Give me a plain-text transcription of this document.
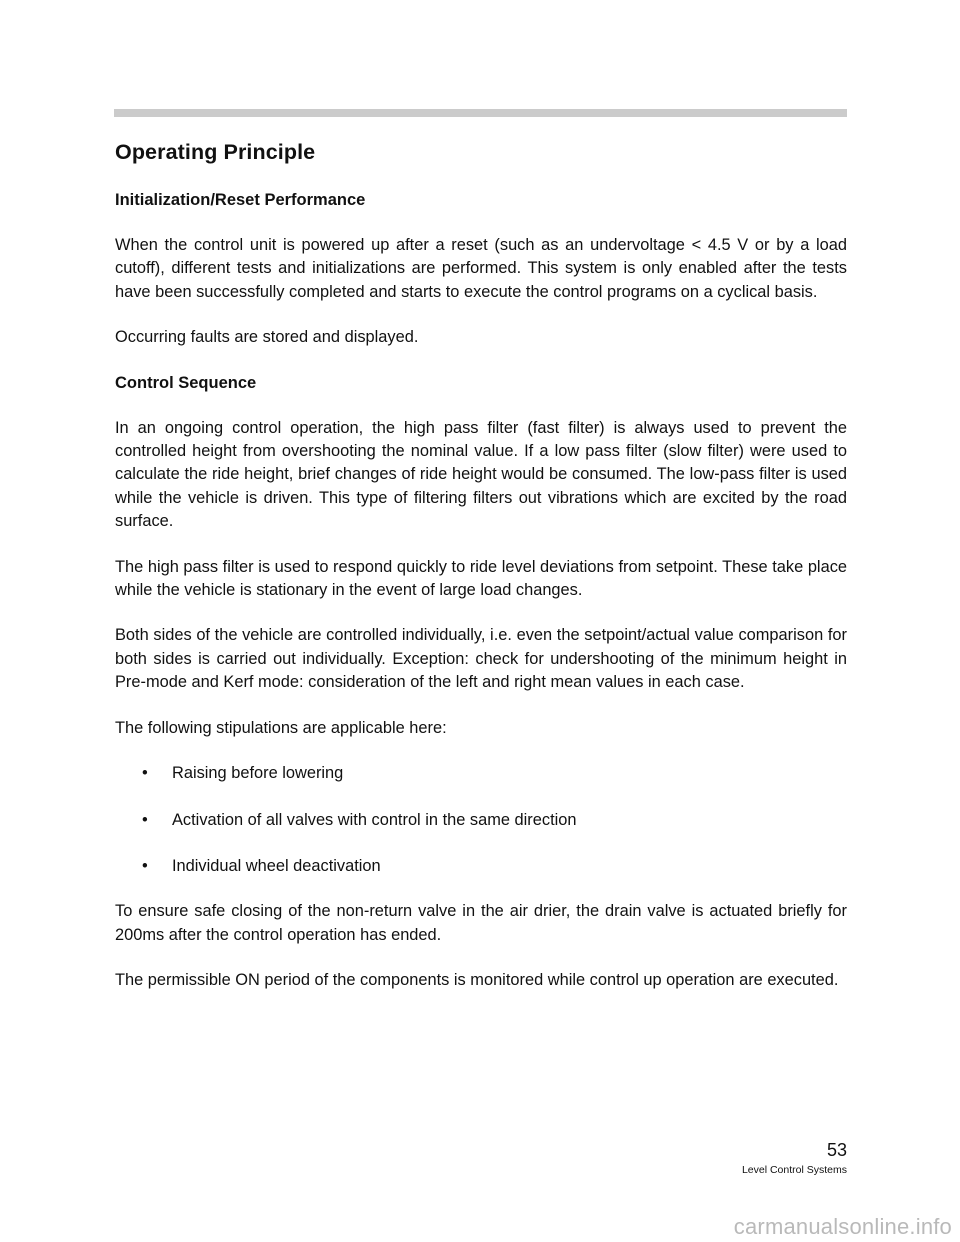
Operating Principle
Initialization/Reset Performance

When the control unit is powered up after a reset (such as an undervoltage < 4.5 V or by a load cutoff), different tests and initializations are performed. This system is only enabled after the tests have been successfully completed and starts to execute the control programs on a cyclical basis.

Occurring faults are stored and displayed.

Control Sequence

In an ongoing control operation, the high pass filter (fast filter) is always used to prevent the controlled height from overshooting the nominal value. If a low pass filter (slow filter) were used to calculate the ride height, brief changes of ride height would be consumed. The low-pass filter is used while the vehicle is driven. This type of filtering filters out vibrations which are excited by the road surface.

The high pass filter is used to respond quickly to ride level deviations from setpoint. These take place while the vehicle is stationary in the event of large load changes.

Both sides of the vehicle are controlled individually, i.e. even the setpoint/actual value comparison for both sides is carried out individually. Exception: check for undershooting of the minimum height in Pre-mode and Kerf mode: consideration of the left and right mean values in each case.

The following stipulations are applicable here:

• Raising before lowering
• Activation of all valves with control in the same direction
• Individual wheel deactivation

To ensure safe closing of the non-return valve in the air drier, the drain valve is actuated briefly for 200ms after the control operation has ended.

The permissible ON period of the components is monitored while control up operation are executed.

53
Level Control Systems
carmanualsonline.info
